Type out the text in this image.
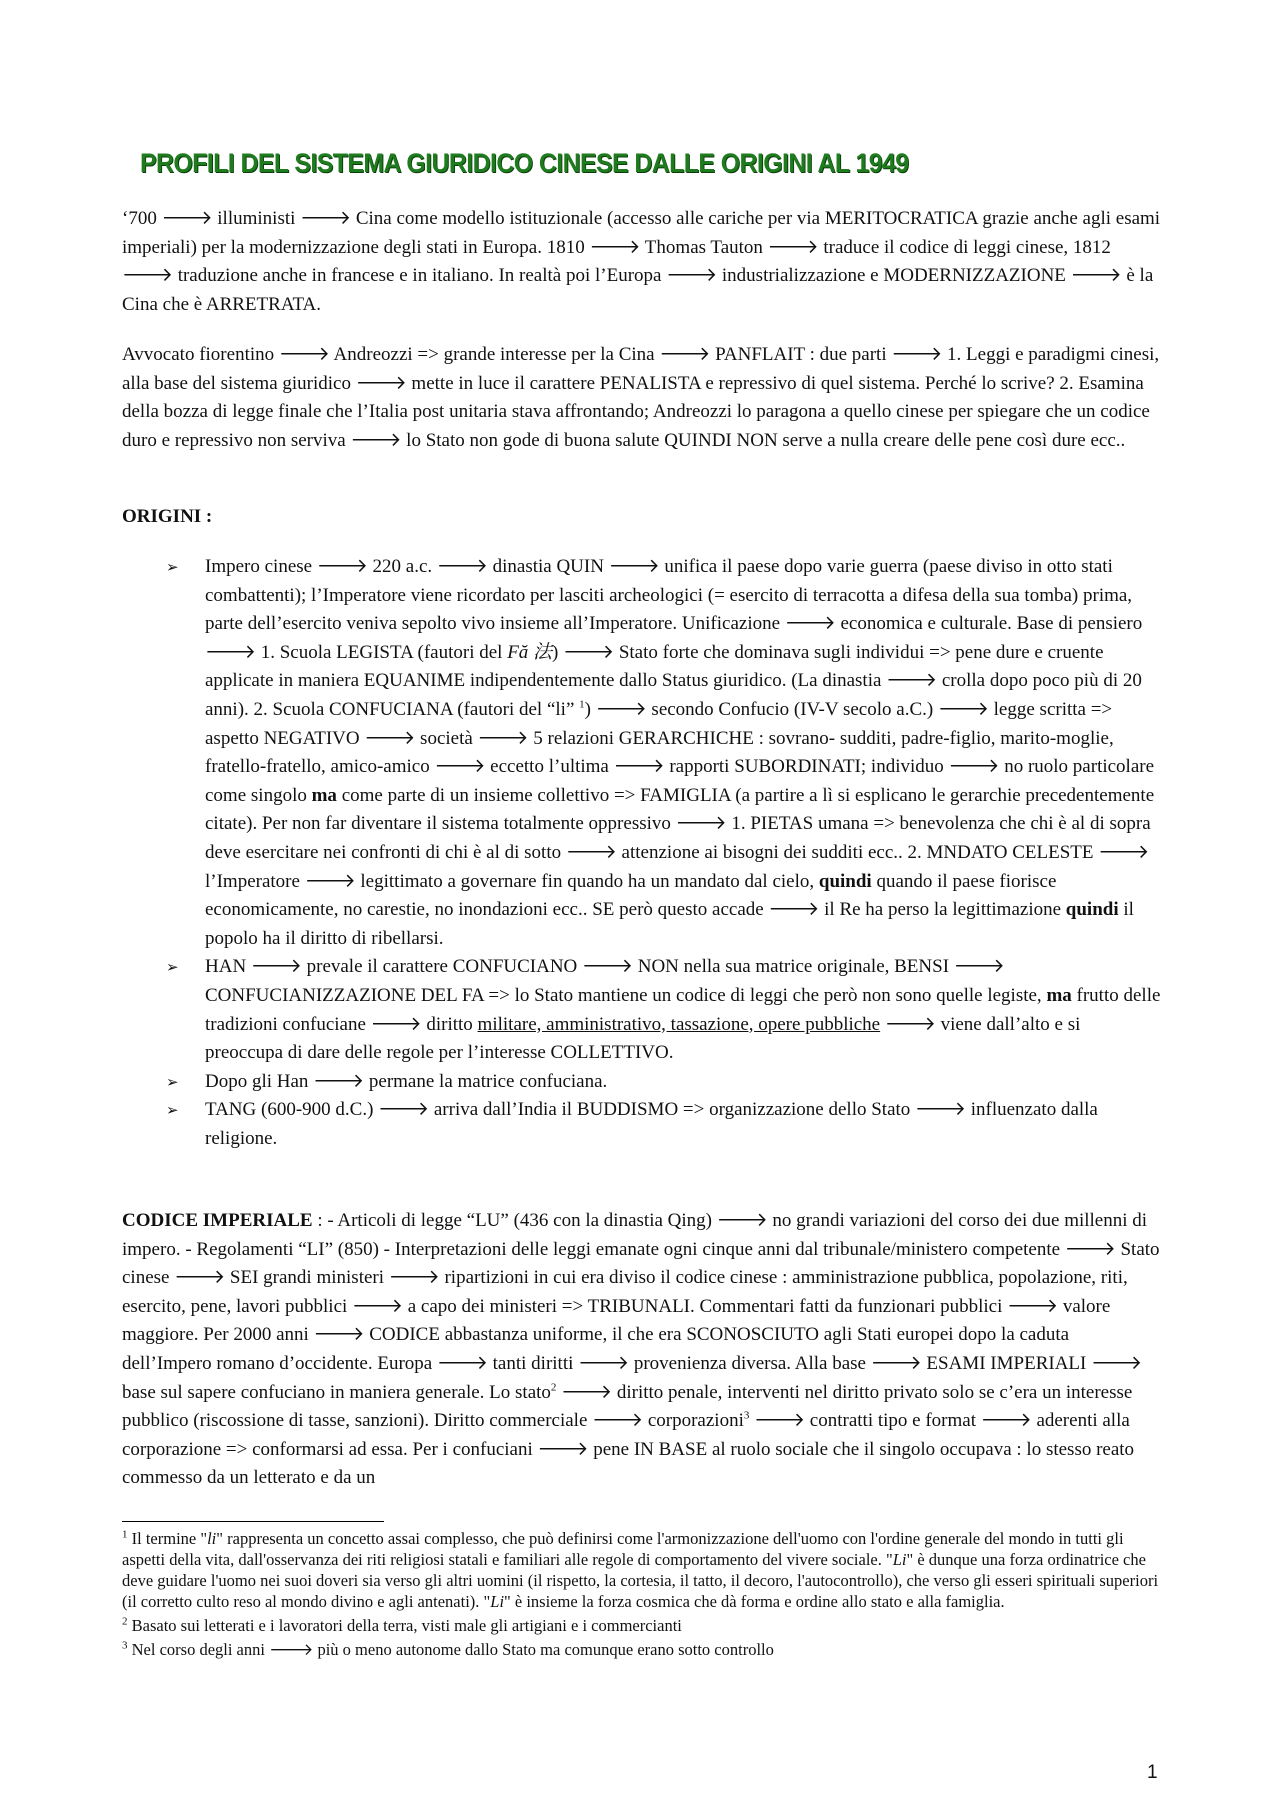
PROFILI DEL SISTEMA GIURIDICO CINESE DALLE ORIGINI AL 1949

‘700 🡒 illuministi 🡒 Cina come modello istituzionale (accesso alle cariche per via MERITOCRATICA grazie anche agli esami imperiali) per la modernizzazione degli stati in Europa. 1810 🡒 Thomas Tauton 🡒 traduce il codice di leggi cinese, 1812 🡒 traduzione anche in francese e in italiano. In realtà poi l’Europa 🡒 industrializzazione e MODERNIZZAZIONE 🡒 è la Cina che è ARRETRATA.

Avvocato fiorentino 🡒 Andreozzi => grande interesse per la Cina 🡒 PANFLAIT : due parti 🡒 1. Leggi e paradigmi cinesi, alla base del sistema giuridico 🡒 mette in luce il carattere PENALISTA e repressivo di quel sistema. Perché lo scrive? 2. Esamina della bozza di legge finale che l’Italia post unitaria stava affrontando; Andreozzi lo paragona a quello cinese per spiegare che un codice duro e repressivo non serviva 🡒 lo Stato non gode di buona salute QUINDI NON serve a nulla creare delle pene così dure ecc..

ORIGINI :
➢ Impero cinese 🡒 220 a.c. 🡒 dinastia QUIN 🡒 unifica il paese dopo varie guerra (paese diviso in otto stati combattenti); l’Imperatore viene ricordato per lasciti archeologici (= esercito di terracotta a difesa della sua tomba) prima, parte dell’esercito veniva sepolto vivo insieme all’Imperatore. Unificazione 🡒 economica e culturale. Base di pensiero 🡒 1. Scuola LEGISTA (fautori del Fă 法) 🡒 Stato forte che dominava sugli individui => pene dure e cruente applicate in maniera EQUANIME indipendentemente dallo Status giuridico. (La dinastia 🡒 crolla dopo poco più di 20 anni). 2. Scuola CONFUCIANA (fautori del “li” $^1$) 🡒 secondo Confucio (IV-V secolo a.C.) 🡒 legge scritta => aspetto NEGATIVO 🡒 società 🡒 5 relazioni GERARCHICHE : sovrano- sudditi, padre-figlio, marito-moglie, fratello-fratello, amico-amico 🡒 eccetto l’ultima 🡒 rapporti SUBORDINATI; individuo 🡒 no ruolo particolare come singolo ma come parte di un insieme collettivo => FAMIGLIA (a partire a lì si esplicano le gerarchie precedentemente citate). Per non far diventare il sistema totalmente oppressivo 🡒 1. PIETAS umana => benevolenza che chi è al di sopra deve esercitare nei confronti di chi è al di sotto 🡒 attenzione ai bisogni dei sudditi ecc.. 2. MNDATO CELESTE 🡒 l’Imperatore 🡒 legittimato a governare fin quando ha un mandato dal cielo, quindi quando il paese fiorisce economicamente, no carestie, no inondazioni ecc.. SE però questo accade 🡒 il Re ha perso la legittimazione quindi il popolo ha il diritto di ribellarsi.
➢ HAN 🡒 prevale il carattere CONFUCIANO 🡒 NON nella sua matrice originale, BENSI 🡒 CONFUCIANIZZAZIONE DEL FA => lo Stato mantiene un codice di leggi che però non sono quelle legiste, ma frutto delle tradizioni confuciane 🡒 diritto militare, amministrativo, tassazione, opere pubbliche 🡒 viene dall’alto e si preoccupa di dare delle regole per l’interesse COLLETTIVO.
➢ Dopo gli Han 🡒 permane la matrice confuciana.
➢ TANG (600-900 d.C.) 🡒 arriva dall’India il BUDDISMO => organizzazione dello Stato 🡒 influenzato dalla religione.

CODICE IMPERIALE : - Articoli di legge “LU” (436 con la dinastia Qing) 🡒 no grandi variazioni del corso dei due millenni di impero. - Regolamenti “LI” (850) - Interpretazioni delle leggi emanate ogni cinque anni dal tribunale/ministero competente 🡒 Stato cinese 🡒 SEI grandi ministeri 🡒 ripartizioni in cui era diviso il codice cinese : amministrazione pubblica, popolazione, riti, esercito, pene, lavori pubblici 🡒 a capo dei ministeri => TRIBUNALI. Commentari fatti da funzionari pubblici 🡒 valore maggiore. Per 2000 anni 🡒 CODICE abbastanza uniforme, il che era SCONOSCIUTO agli Stati europei dopo la caduta dell’Impero romano d’occidente. Europa 🡒 tanti diritti 🡒 provenienza diversa. Alla base 🡒 ESAMI IMPERIALI 🡒 base sul sapere confuciano in maniera generale. Lo stato$^2$ 🡒 diritto penale, interventi nel diritto privato solo se c’era un interesse pubblico (riscossione di tasse, sanzioni). Diritto commerciale 🡒 corporazioni$^3$ 🡒 contratti tipo e format 🡒 aderenti alla corporazione => conformarsi ad essa. Per i confuciani 🡒 pene IN BASE al ruolo sociale che il singolo occupava : lo stesso reato commesso da un letterato e da un

$^1$ Il termine "li" rappresenta un concetto assai complesso, che può definirsi come l'armonizzazione dell'uomo con l'ordine generale del mondo in tutti gli aspetti della vita, dall'osservanza dei riti religiosi statali e familiari alle regole di comportamento del vivere sociale. "Li" è dunque una forza ordinatrice che deve guidare l'uomo nei suoi doveri sia verso gli altri uomini (il rispetto, la cortesia, il tatto, il decoro, l'autocontrollo), che verso gli esseri spirituali superiori (il corretto culto reso al mondo divino e agli antenati). "Li" è insieme la forza cosmica che dà forma e ordine allo stato e alla famiglia.

$^2$ Basato sui letterati e i lavoratori della terra, visti male gli artigiani e i commercianti

$^3$ Nel corso degli anni 🡒 più o meno autonome dallo Stato ma comunque erano sotto controllo

1
